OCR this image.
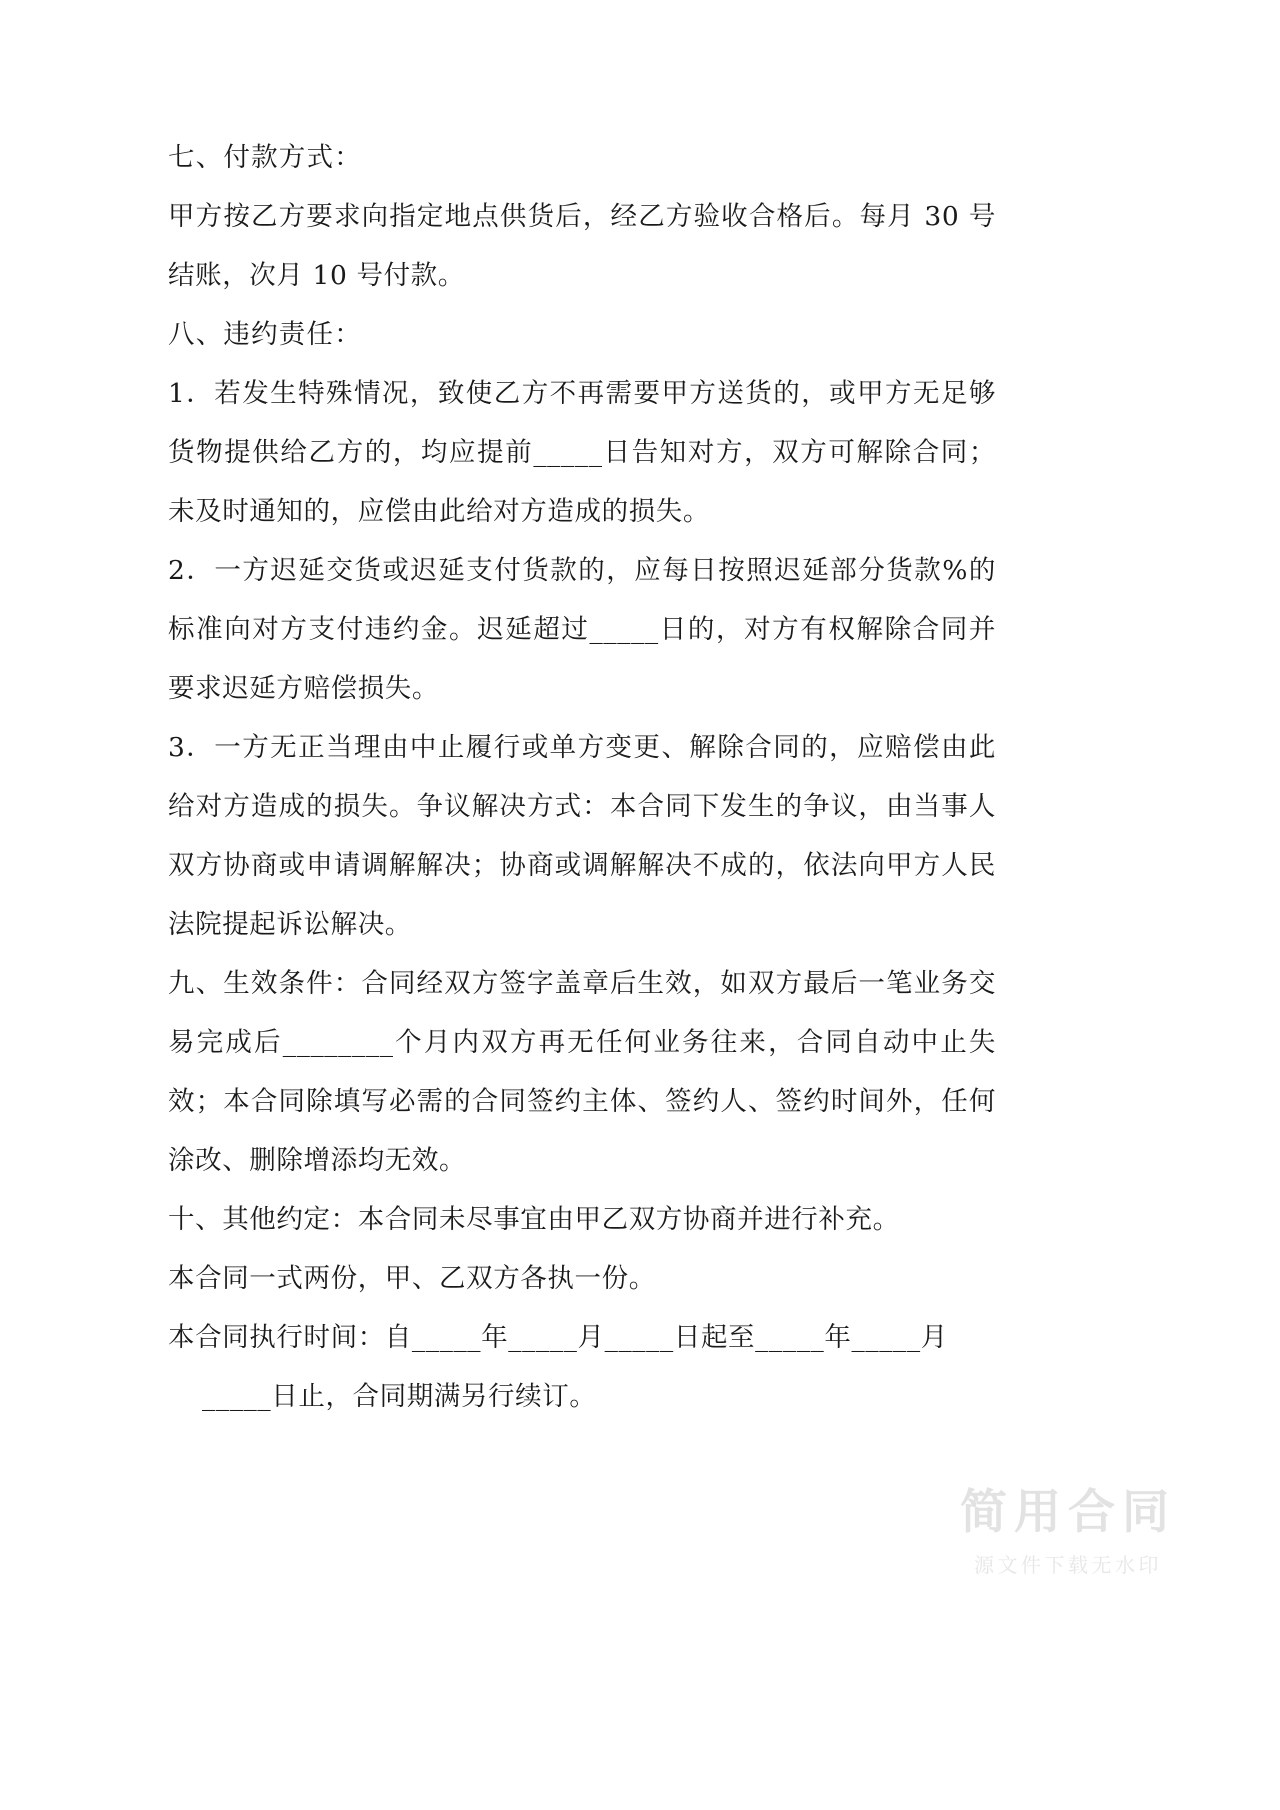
七、付款方式：

甲方按乙方要求向指定地点供货后，经乙方验收合格后。每月 30 号结账，次月 10 号付款。

八、违约责任：

1．若发生特殊情况，致使乙方不再需要甲方送货的，或甲方无足够货物提供给乙方的，均应提前_____日告知对方，双方可解除合同；未及时通知的，应偿由此给对方造成的损失。

2．一方迟延交货或迟延支付货款的，应每日按照迟延部分货款%的标准向对方支付违约金。迟延超过_____日的，对方有权解除合同并要求迟延方赔偿损失。

3．一方无正当理由中止履行或单方变更、解除合同的，应赔偿由此给对方造成的损失。争议解决方式：本合同下发生的争议，由当事人双方协商或申请调解解决；协商或调解解决不成的，依法向甲方人民法院提起诉讼解决。

九、生效条件：合同经双方签字盖章后生效，如双方最后一笔业务交易完成后________个月内双方再无任何业务往来，合同自动中止失效；本合同除填写必需的合同签约主体、签约人、签约时间外，任何涂改、删除增添均无效。

十、其他约定：本合同未尽事宜由甲乙双方协商并进行补充。

本合同一式两份，甲、乙双方各执一份。

本合同执行时间：自_____年_____月_____日起至_____年_____月

_____日止，合同期满另行续订。

简用合同
源文件下载无水印
